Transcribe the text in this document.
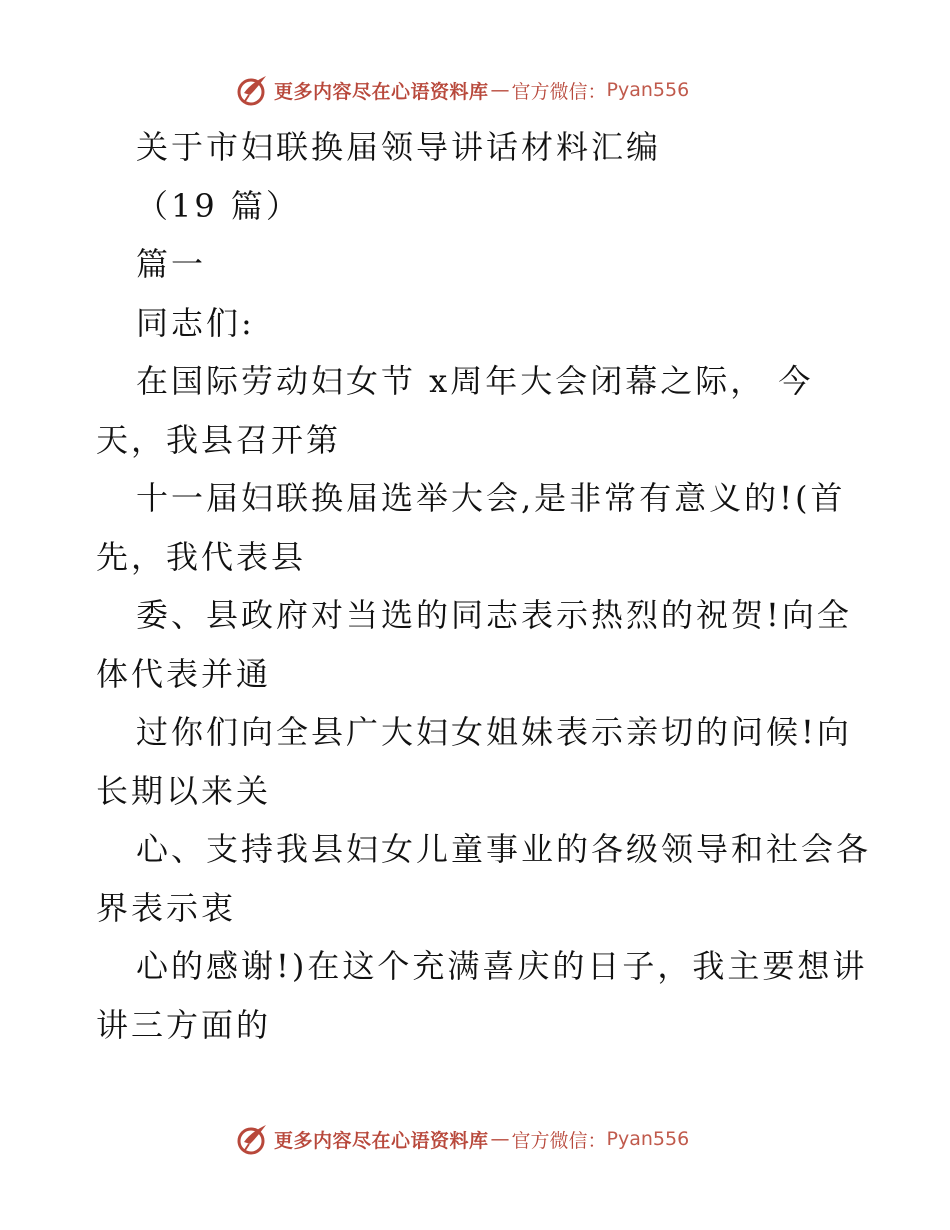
更多内容尽在心语资料库 — 官方微信： Pyan556
关于市妇联换届领导讲话材料汇编
（19 篇）
篇一
同志们:
在国际劳动妇女节 x周年大会闭幕之际， 今
天，我县召开第
十一届妇联换届选举大会,是非常有意义的!(首
先，我代表县
委、县政府对当选的同志表示热烈的祝贺!向全
体代表并通
过你们向全县广大妇女姐妹表示亲切的问候!向
长期以来关
心、支持我县妇女儿童事业的各级领导和社会各
界表示衷
心的感谢!)在这个充满喜庆的日子，我主要想讲
讲三方面的
更多内容尽在心语资料库 — 官方微信： Pyan556
